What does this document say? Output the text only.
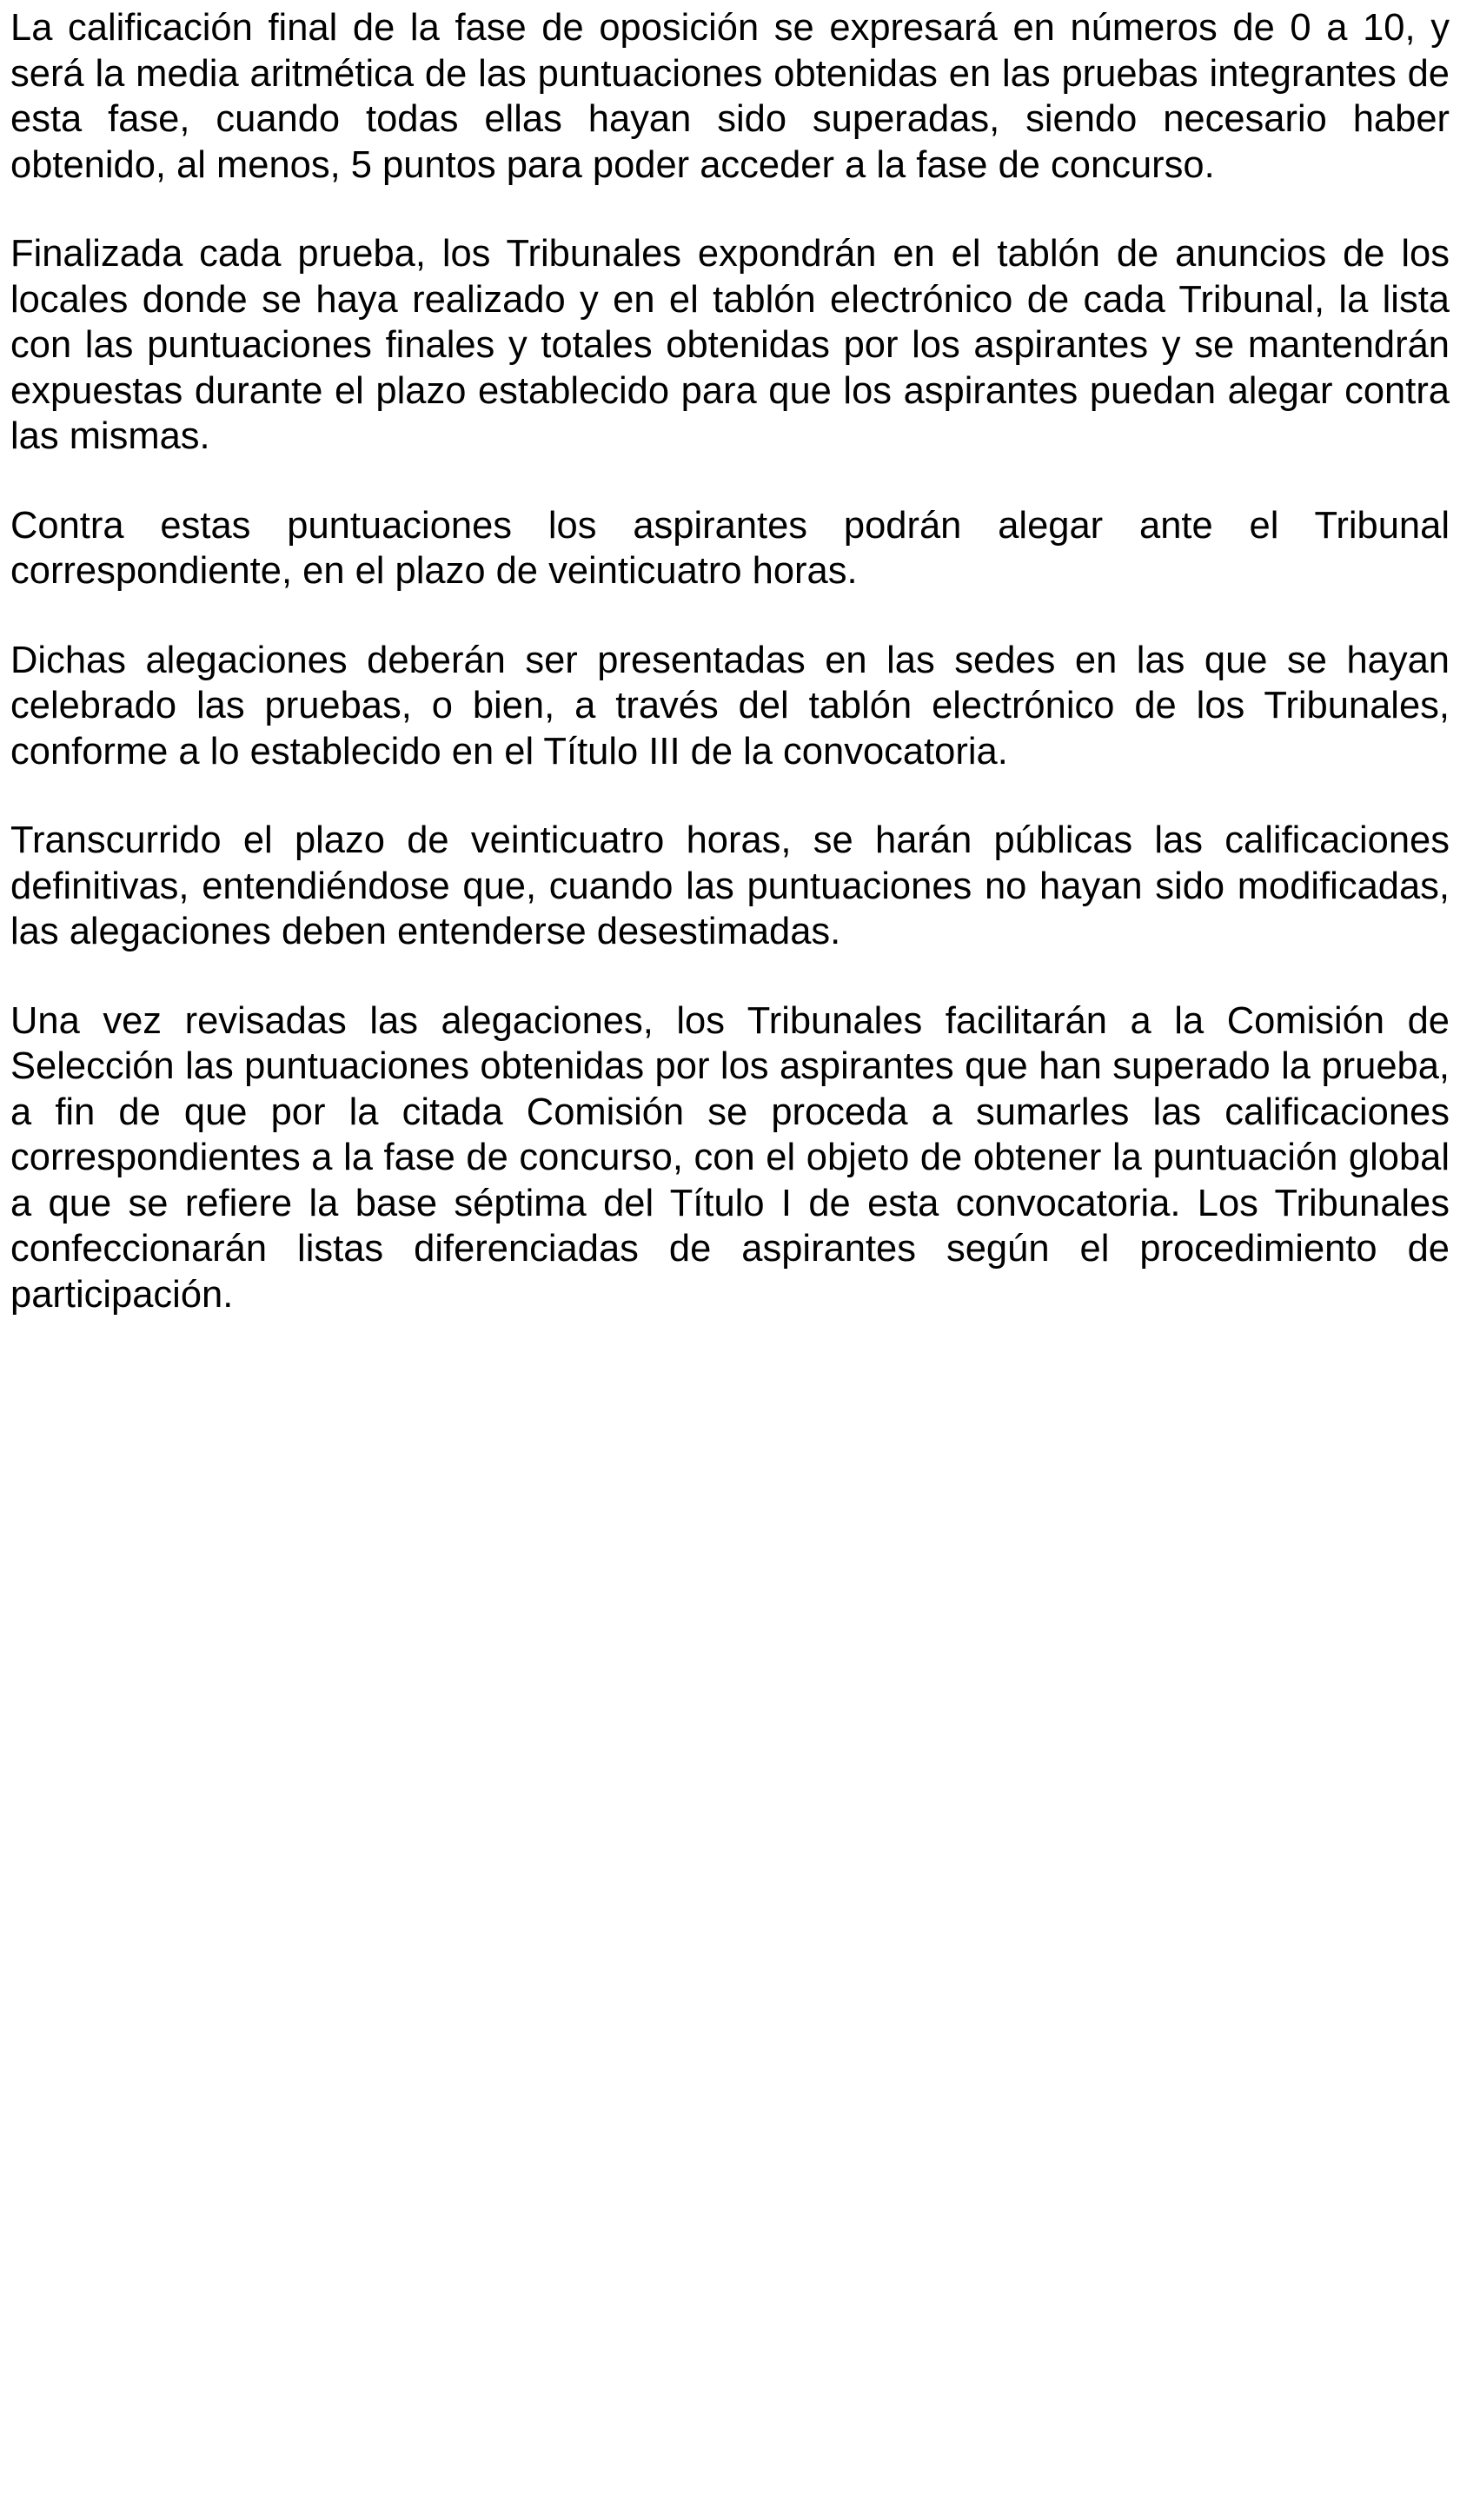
La calificación final de la fase de oposición se expresará en números de 0 a 10, y será la media aritmética de las puntuaciones obtenidas en las pruebas integrantes de esta fase, cuando todas ellas hayan sido superadas, siendo necesario haber obtenido, al menos, 5 puntos para poder acceder a la fase de concurso.

Finalizada cada prueba, los Tribunales expondrán en el tablón de anuncios de los locales donde se haya realizado y en el tablón electrónico de cada Tribunal, la lista con las puntuaciones finales y totales obtenidas por los aspirantes y se mantendrán expuestas durante el plazo establecido para que los aspirantes puedan alegar contra las mismas.

Contra estas puntuaciones los aspirantes podrán alegar ante el Tribunal correspondiente, en el plazo de veinticuatro horas.

Dichas alegaciones deberán ser presentadas en las sedes en las que se hayan celebrado las pruebas, o bien, a través del tablón electrónico de los Tribunales, conforme a lo establecido en el Título III de la convocatoria.

Transcurrido el plazo de veinticuatro horas, se harán públicas las calificaciones definitivas, entendiéndose que, cuando las puntuaciones no hayan sido modificadas, las alegaciones deben entenderse desestimadas.

Una vez revisadas las alegaciones, los Tribunales facilitarán a la Comisión de Selección las puntuaciones obtenidas por los aspirantes que han superado la prueba, a fin de que por la citada Comisión se proceda a sumarles las calificaciones correspondientes a la fase de concurso, con el objeto de obtener la puntuación global a que se refiere la base séptima del Título I de esta convocatoria. Los Tribunales confeccionarán listas diferenciadas de aspirantes según el procedimiento de participación.
